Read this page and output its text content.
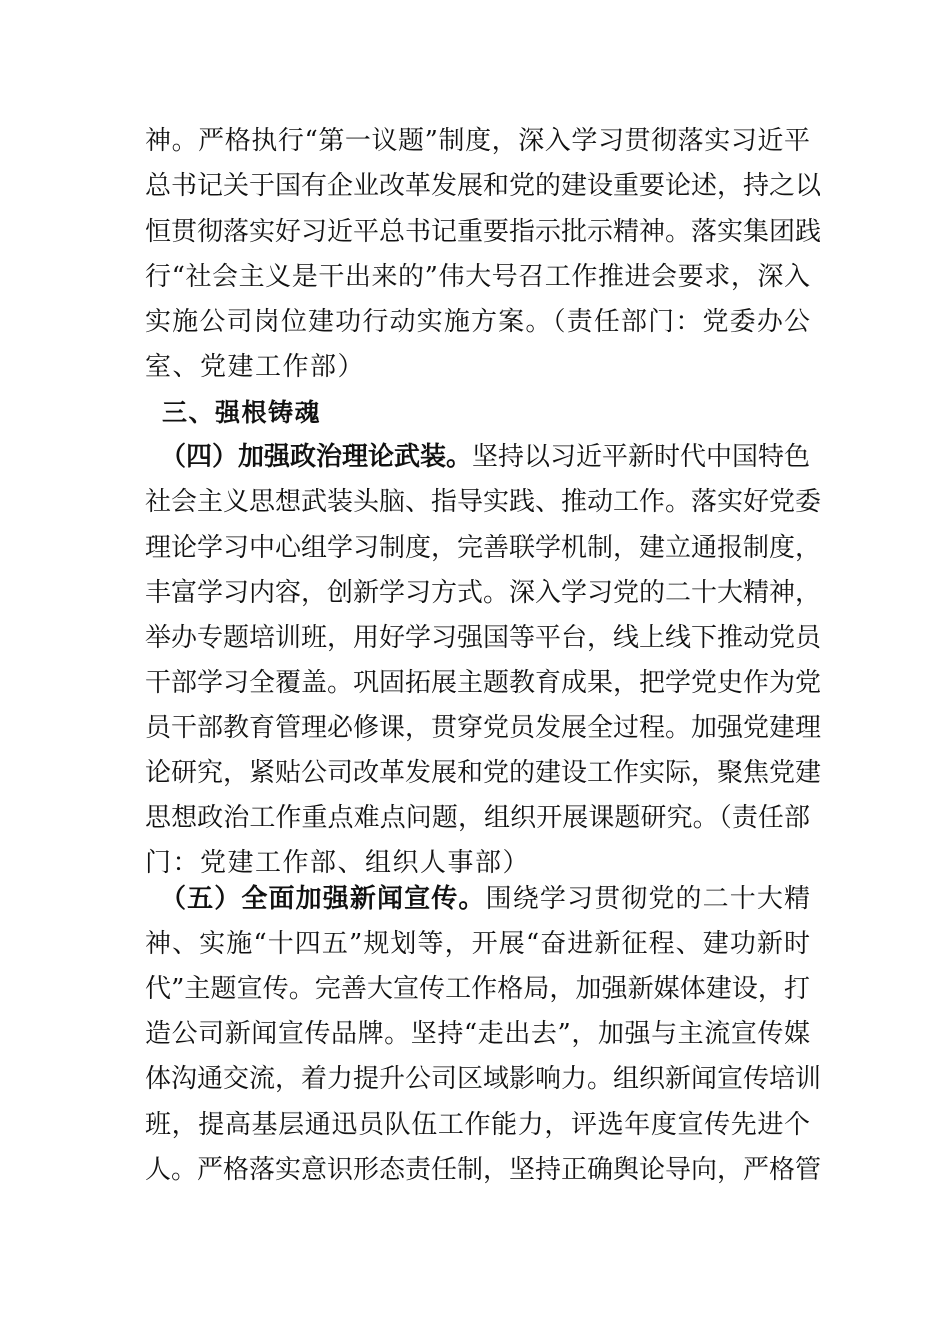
神。严格执行“第一议题”制度，深入学习贯彻落实习近平
总书记关于国有企业改革发展和党的建设重要论述，持之以
恒贯彻落实好习近平总书记重要指示批示精神。落实集团践
行“社会主义是干出来的”伟大号召工作推进会要求，深入
实施公司岗位建功行动实施方案。（责任部门：党委办公
室、党建工作部）
三、强根铸魂
（四）加强政治理论武装。坚持以习近平新时代中国特色
社会主义思想武装头脑、指导实践、推动工作。落实好党委
理论学习中心组学习制度，完善联学机制，建立通报制度，
丰富学习内容，创新学习方式。深入学习党的二十大精神，
举办专题培训班，用好学习强国等平台，线上线下推动党员
干部学习全覆盖。巩固拓展主题教育成果，把学党史作为党
员干部教育管理必修课，贯穿党员发展全过程。加强党建理
论研究，紧贴公司改革发展和党的建设工作实际，聚焦党建
思想政治工作重点难点问题，组织开展课题研究。（责任部
门：党建工作部、组织人事部）
（五）全面加强新闻宣传。围绕学习贯彻党的二十大精
神、实施“十四五”规划等，开展“奋进新征程、建功新时
代”主题宣传。完善大宣传工作格局，加强新媒体建设，打
造公司新闻宣传品牌。坚持“走出去”，加强与主流宣传媒
体沟通交流，着力提升公司区域影响力。组织新闻宣传培训
班，提高基层通迅员队伍工作能力，评选年度宣传先进个
人。严格落实意识形态责任制，坚持正确舆论导向，严格管
